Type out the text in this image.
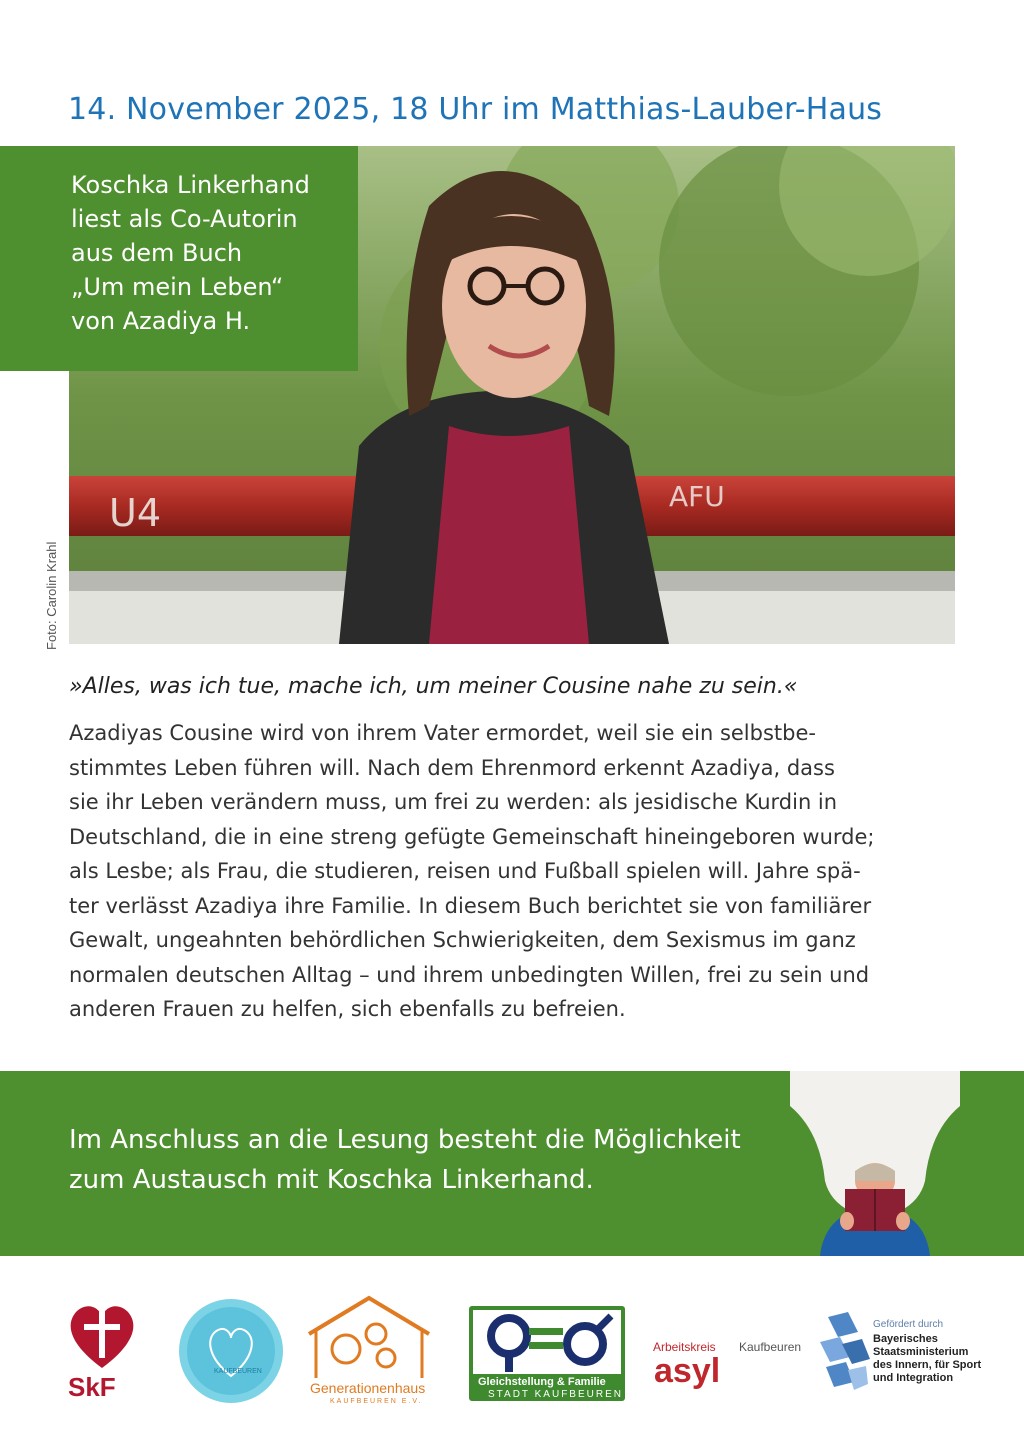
14. November 2025, 18 Uhr im Matthias-Lauber-Haus
U4	AFU
Koschka Linkerhand
liest als Co-Autorin
aus dem Buch
„Um mein Leben“
von Azadiya H.
Foto: Carolin Krahl
»Alles, was ich tue, mache ich, um meiner Cousine nahe zu sein.«
Azadiyas Cousine wird von ihrem Vater ermordet, weil sie ein selbstbe-
stimmtes Leben führen will. Nach dem Ehrenmord erkennt Azadiya, dass
sie ihr Leben verändern muss, um frei zu werden: als jesidische Kurdin in
Deutschland, die in eine streng gefügte Gemeinschaft hineingeboren wurde;
als Lesbe; als Frau, die studieren, reisen und Fußball spielen will. Jahre spä-
ter verlässt Azadiya ihre Familie. In diesem Buch berichtet sie von familiärer
Gewalt, ungeahnten behördlichen Schwierigkeiten, dem Sexismus im ganz
normalen deutschen Alltag – und ihrem unbedingten Willen, frei zu sein und
anderen Frauen zu helfen, sich ebenfalls zu befreien.
Im Anschluss an die Lesung besteht die Möglichkeit
zum Austausch mit Koschka Linkerhand.
SkF
KAUFBEUREN
Generationenhaus
KAUFBEUREN E.V.
Gleichstellung & Familie
STADT KAUFBEUREN
Arbeitskreis Kaufbeuren
asyl
Gefördert durch
Bayerisches
Staatsministerium
des Innern, für Sport
und Integration
